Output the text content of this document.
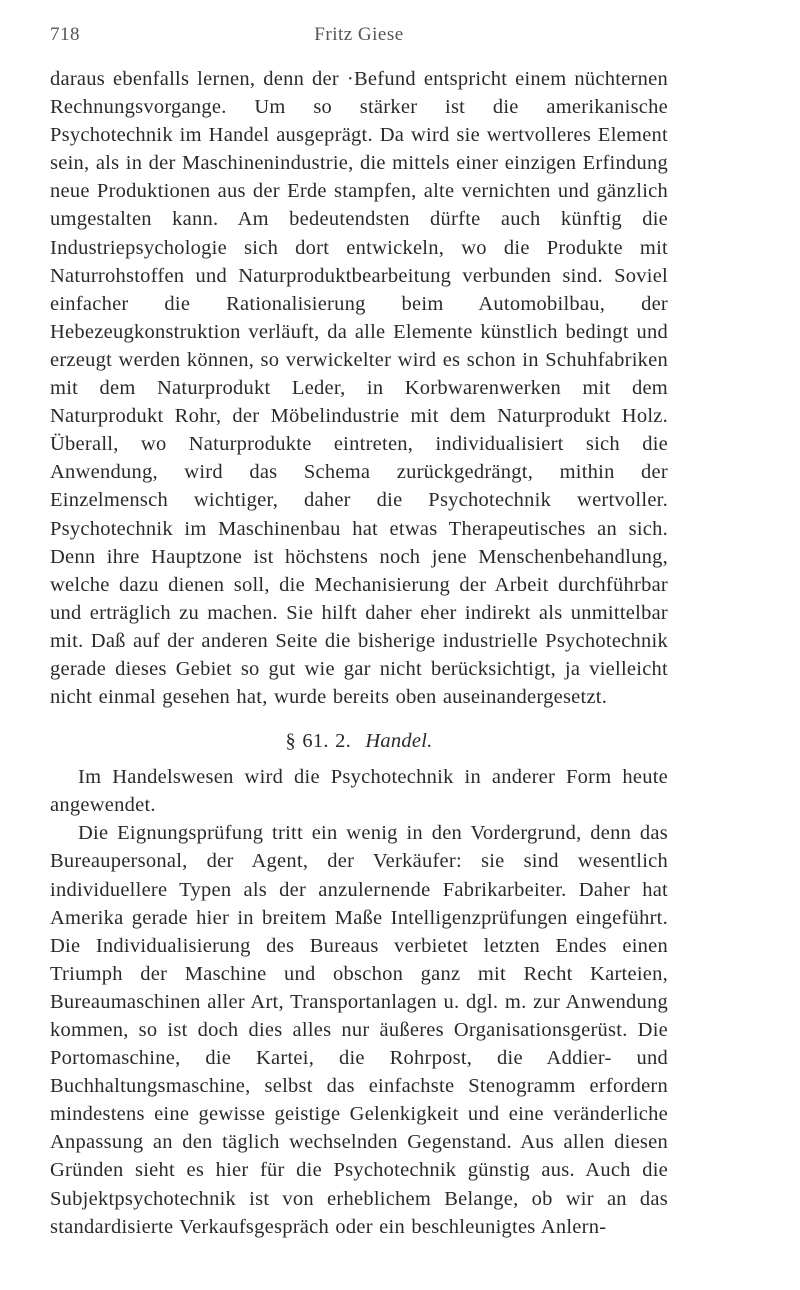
718	Fritz Giese

daraus ebenfalls lernen, denn der ·Befund entspricht einem nüchternen Rechnungsvorgange. Um so stärker ist die amerikanische Psychotechnik im Handel ausgeprägt. Da wird sie wertvolleres Element sein, als in der Maschinenindustrie, die mittels einer einzigen Erfindung neue Produktionen aus der Erde stampfen, alte vernichten und gänzlich umgestalten kann. Am bedeutendsten dürfte auch künftig die Industriepsychologie sich dort entwickeln, wo die Produkte mit Naturrohstoffen und Naturproduktbearbeitung verbunden sind. Soviel einfacher die Rationalisierung beim Automobilbau, der Hebezeugkonstruktion verläuft, da alle Elemente künstlich bedingt und erzeugt werden können, so verwickelter wird es schon in Schuhfabriken mit dem Naturprodukt Leder, in Korbwarenwerken mit dem Naturprodukt Rohr, der Möbelindustrie mit dem Naturprodukt Holz. Überall, wo Naturprodukte eintreten, individualisiert sich die Anwendung, wird das Schema zurückgedrängt, mithin der Einzelmensch wichtiger, daher die Psychotechnik wertvoller. Psychotechnik im Maschinenbau hat etwas Therapeutisches an sich. Denn ihre Hauptzone ist höchstens noch jene Menschenbehandlung, welche dazu dienen soll, die Mechanisierung der Arbeit durchführbar und erträglich zu machen. Sie hilft daher eher indirekt als unmittelbar mit. Daß auf der anderen Seite die bisherige industrielle Psychotechnik gerade dieses Gebiet so gut wie gar nicht berücksichtigt, ja vielleicht nicht einmal gesehen hat, wurde bereits oben auseinandergesetzt.

§ 61. 2. Handel.

Im Handelswesen wird die Psychotechnik in anderer Form heute angewendet.

Die Eignungsprüfung tritt ein wenig in den Vordergrund, denn das Bureaupersonal, der Agent, der Verkäufer: sie sind wesentlich individuellere Typen als der anzulernende Fabrikarbeiter. Daher hat Amerika gerade hier in breitem Maße Intelligenzprüfungen eingeführt. Die Individualisierung des Bureaus verbietet letzten Endes einen Triumph der Maschine und obschon ganz mit Recht Karteien, Bureaumaschinen aller Art, Transportanlagen u. dgl. m. zur Anwendung kommen, so ist doch dies alles nur äußeres Organisationsgerüst. Die Portomaschine, die Kartei, die Rohrpost, die Addier- und Buchhaltungsmaschine, selbst das einfachste Stenogramm erfordern mindestens eine gewisse geistige Gelenkigkeit und eine veränderliche Anpassung an den täglich wechselnden Gegenstand. Aus allen diesen Gründen sieht es hier für die Psychotechnik günstig aus. Auch die Subjektpsychotechnik ist von erheblichem Belange, ob wir an das standardisierte Verkaufsgespräch oder ein beschleunigtes Anlern-
